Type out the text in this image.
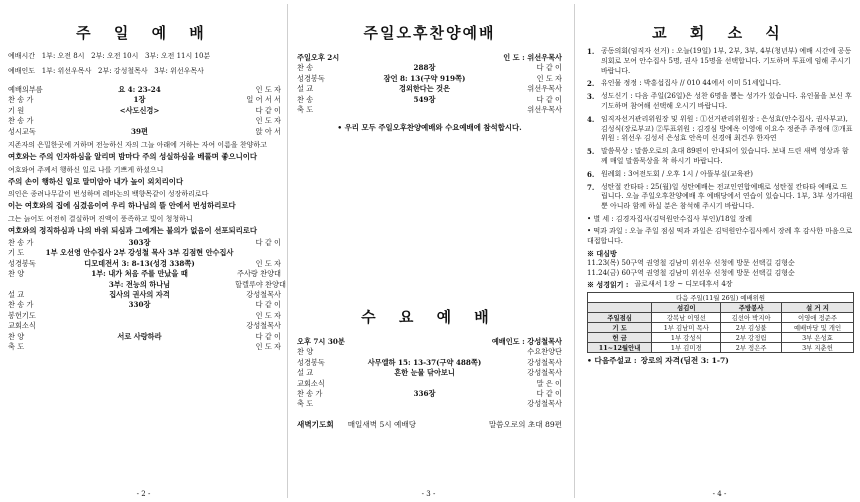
주 일 예 배

예배시간   1부: 오전 8시   2부: 오전 10시   3부: 오전 11시 10분
예배인도   1부: 위선우목사   2부: 강성철목사   3부: 위선우목사
예배의부름	요 4: 23-24	인 도 자
찬 송 가	1장	일 어 서 서
기 원	<사도신경>	다 같 이
찬 송 가	인 도 자
성시교독	39편	앉 아 서
지존자의 은밀한곳에 거하며 전능하신 자의 그늘 아래에 거하는 자여 이름을 찬양하고
여호와는 주의 인자하심을 알리며 밤마다 주의 성실하심을 베풀며 좋으니이다
여호와여 주께서 행하신 일로 나를 기쁘게 하셨으니
주의 손이 행하신 일로 말미암아 내가 높이 외치리이다
의인은 종려나무같이 번성하며 레바논의 백향목같이 성장하리로다
이는 여호와의 집에 심겼음이여 우리 하나님의 뜰 안에서 번성하리로다
그는 늙어도 여전히 결실하며 진액이 풍족하고 빛이 청청하니
여호와의 정직하심과 나의 바위 되심과 그에게는 불의가 없음이 선포되리로다
찬 송 가	303장	다 같 이
기 도	1부 오선영 안수집사 2부 강성철 목사 3부 김점현 안수집사
성경봉독	디모데전서 3: 8-13(성경 338쪽)	인 도 자
찬 양	1부: 내가 처음 주를 만났을 때	주사랑 찬양대
3부: 전능의 하나님	할렐루야 찬양대
설 교	집사의 권사의 자격	강성철목사
찬 송 가	330장	다 같 이
봉헌기도	인 도 자
교회소식	강성철목사
찬 양	서로 사랑하라	다 같 이
축 도	인 도 자
- 2 -

주일오후찬양예배

주일오후 2시	인 도 : 위선우목사
찬 송	288장	다 같 이
성경봉독	잠언 8: 13(구약 919쪽)	인 도 자
설 교	경외한다는 것은	위선우목사
찬 송	549장	다 같 이
축 도	위선우목사
• 우리 모두 주일오후찬양예배와 수요예배에 참석합시다.

수 요 예 배

오후 7시 30분	예배인도 : 강성철목사
찬 양	수요찬양단
성경봉독	사무엘하 15: 13-37(구약 488쪽)	강성철목사
설 교	흔한 눈물 닦아보니	강성철목사
교회소식	말 은 이
찬 송 가	336장	다 같 이
축 도	강성철목사
새벽기도회 매일새벽 5시 예배당	말씀오로의 초대 89편
- 3 -

교 회 소 식

1. 공동의회(임직자 선거) : 오늘(19일) 1부, 2부, 3부, 4부(청년부) 예배 시간에 공동의회로 모여 안수집사 5명, 권사 15명을 선택합니다. 기도하며 투표에 임해 주시기 바랍니다.
2. 유인물 정정 : 박흥섭집사 // 010 44에서 이미 51세입니다.
3. 성도신기 : 다음 주일(26일)은 성찬 6명을 뽑는 성가가 있습니다. 유인물을 보신 후 기도하며 참여해 선택해 오시기 바랍니다.
4. 임직자선거관리위원장 및 위원 : ①선거관리위원장 : 은성효(안수집사, 권사부교), 김성식(장로부교) ②투표위원 : 김경심 방예옥 이영애 이요수 정준주 주정애 ③개표위원 : 위선우 김성서 은성효 안옥미 신경애 최건우 한자연
5. 말씀묵상 : 말씀오로의 초대 89편이 안내되어 있습니다. 보내 드린 새벽 영상과 함께 매일 말씀묵상을 착 하시기 바랍니다.
6. 원례회 : 3여전도회 / 오후 1시 / 아뜰부실(교육관)
7. 성탄절 칸타타 : 25(월)일 성탄예배는 전교인연합예배로 성탄절 칸타타 예배로 드립니다. 오늘 주일오후찬양예배 후 예배당에서 연습이 있습니다. 1부, 3부 성가대원 뿐 아니라 함께 하실 분은 참석해 주시기 바랍니다.
• 별 세 : 김경자집사(김덕원안수집사 부인)/18일 장례
• 떡과 과일 : 오늘 주일 점심 떡과 과일은 김덕원안수집사께서 장례 후 감사한 마음으로 대접합니다.
※ 대심방
11.23(목) 50구역 권영철 김남미 위선우 신청에 방문 선택길 김형순
11.24(금) 60구역 권영철 김남미 위선우 신청에 방문 선택길 김형순
※ 성경읽기 : 골로새서 1장 ~ 디모데후서 4장
다음 주일(11월 26일) 예배위원			
	섬김이	주방봉사	설 거 지
주일점심	강복남 이영선	김선아 박지아	이영애 정준주
기 도	1부 김남미 목사	2부 김성불	예배마당 및 개인
헌 금	1부 강성식	2부 강정림	3부 은성효
11~12월안내	1부 김미경	2부 정은주	3부 지춘헌
• 다음주설교 : 장로의 자격(딤전 3: 1-7)
- 4 -
